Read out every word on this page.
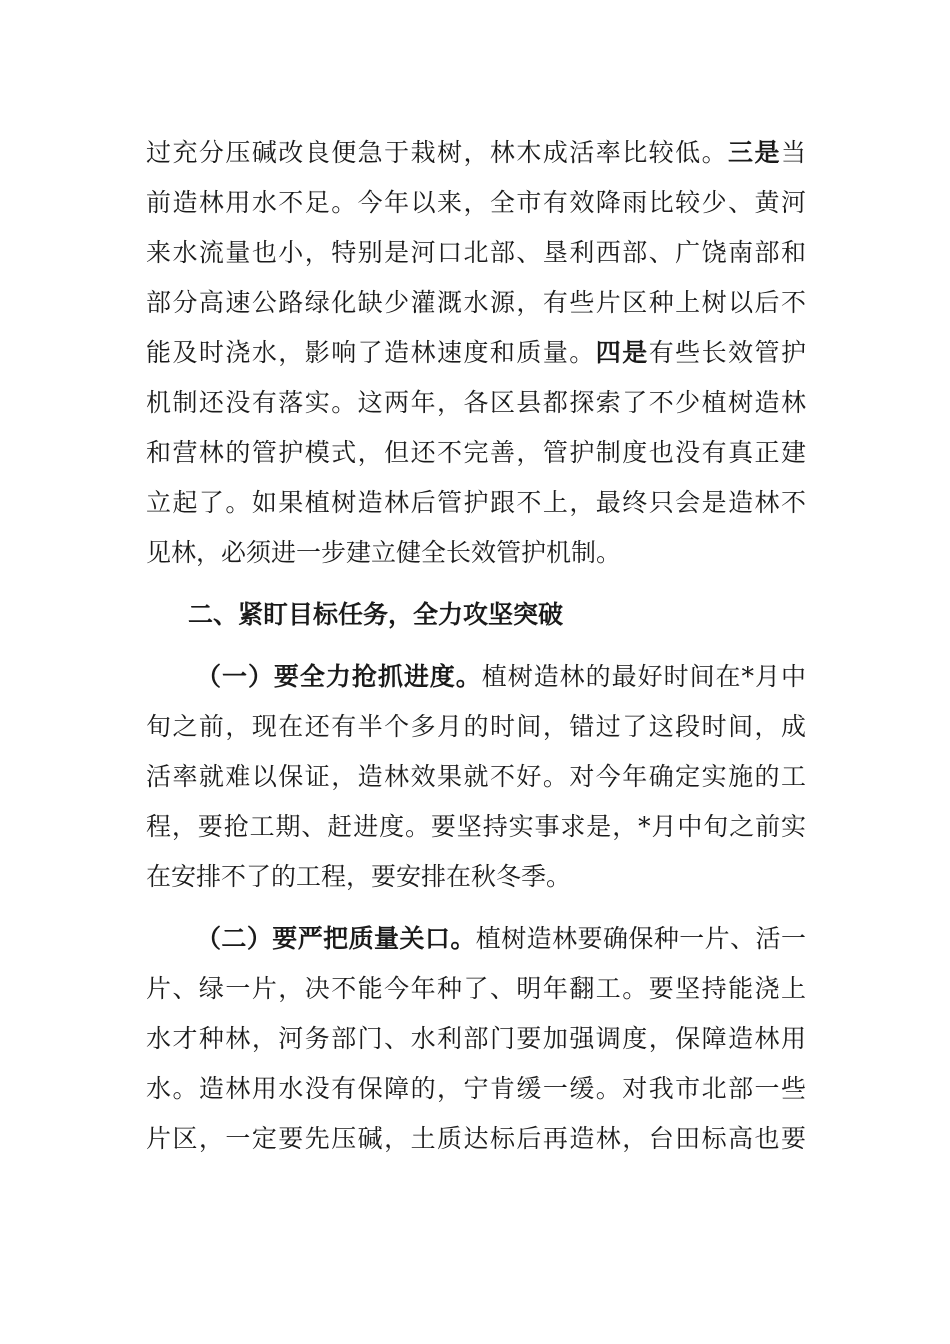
过充分压碱改良便急于栽树，林木成活率比较低。三是当
前造林用水不足。今年以来，全市有效降雨比较少、黄河
来水流量也小，特别是河口北部、垦利西部、广饶南部和
部分高速公路绿化缺少灌溉水源，有些片区种上树以后不
能及时浇水，影响了造林速度和质量。四是有些长效管护
机制还没有落实。这两年，各区县都探索了不少植树造林
和营林的管护模式，但还不完善，管护制度也没有真正建
立起了。如果植树造林后管护跟不上，最终只会是造林不
见林，必须进一步建立健全长效管护机制。
二、紧盯目标任务，全力攻坚突破
（一）要全力抢抓进度。植树造林的最好时间在*月中
旬之前，现在还有半个多月的时间，错过了这段时间，成
活率就难以保证，造林效果就不好。对今年确定实施的工
程，要抢工期、赶进度。要坚持实事求是，*月中旬之前实
在安排不了的工程，要安排在秋冬季。
（二）要严把质量关口。植树造林要确保种一片、活一
片、绿一片，决不能今年种了、明年翻工。要坚持能浇上
水才种林，河务部门、水利部门要加强调度，保障造林用
水。造林用水没有保障的，宁肯缓一缓。对我市北部一些
片区，一定要先压碱，土质达标后再造林，台田标高也要
